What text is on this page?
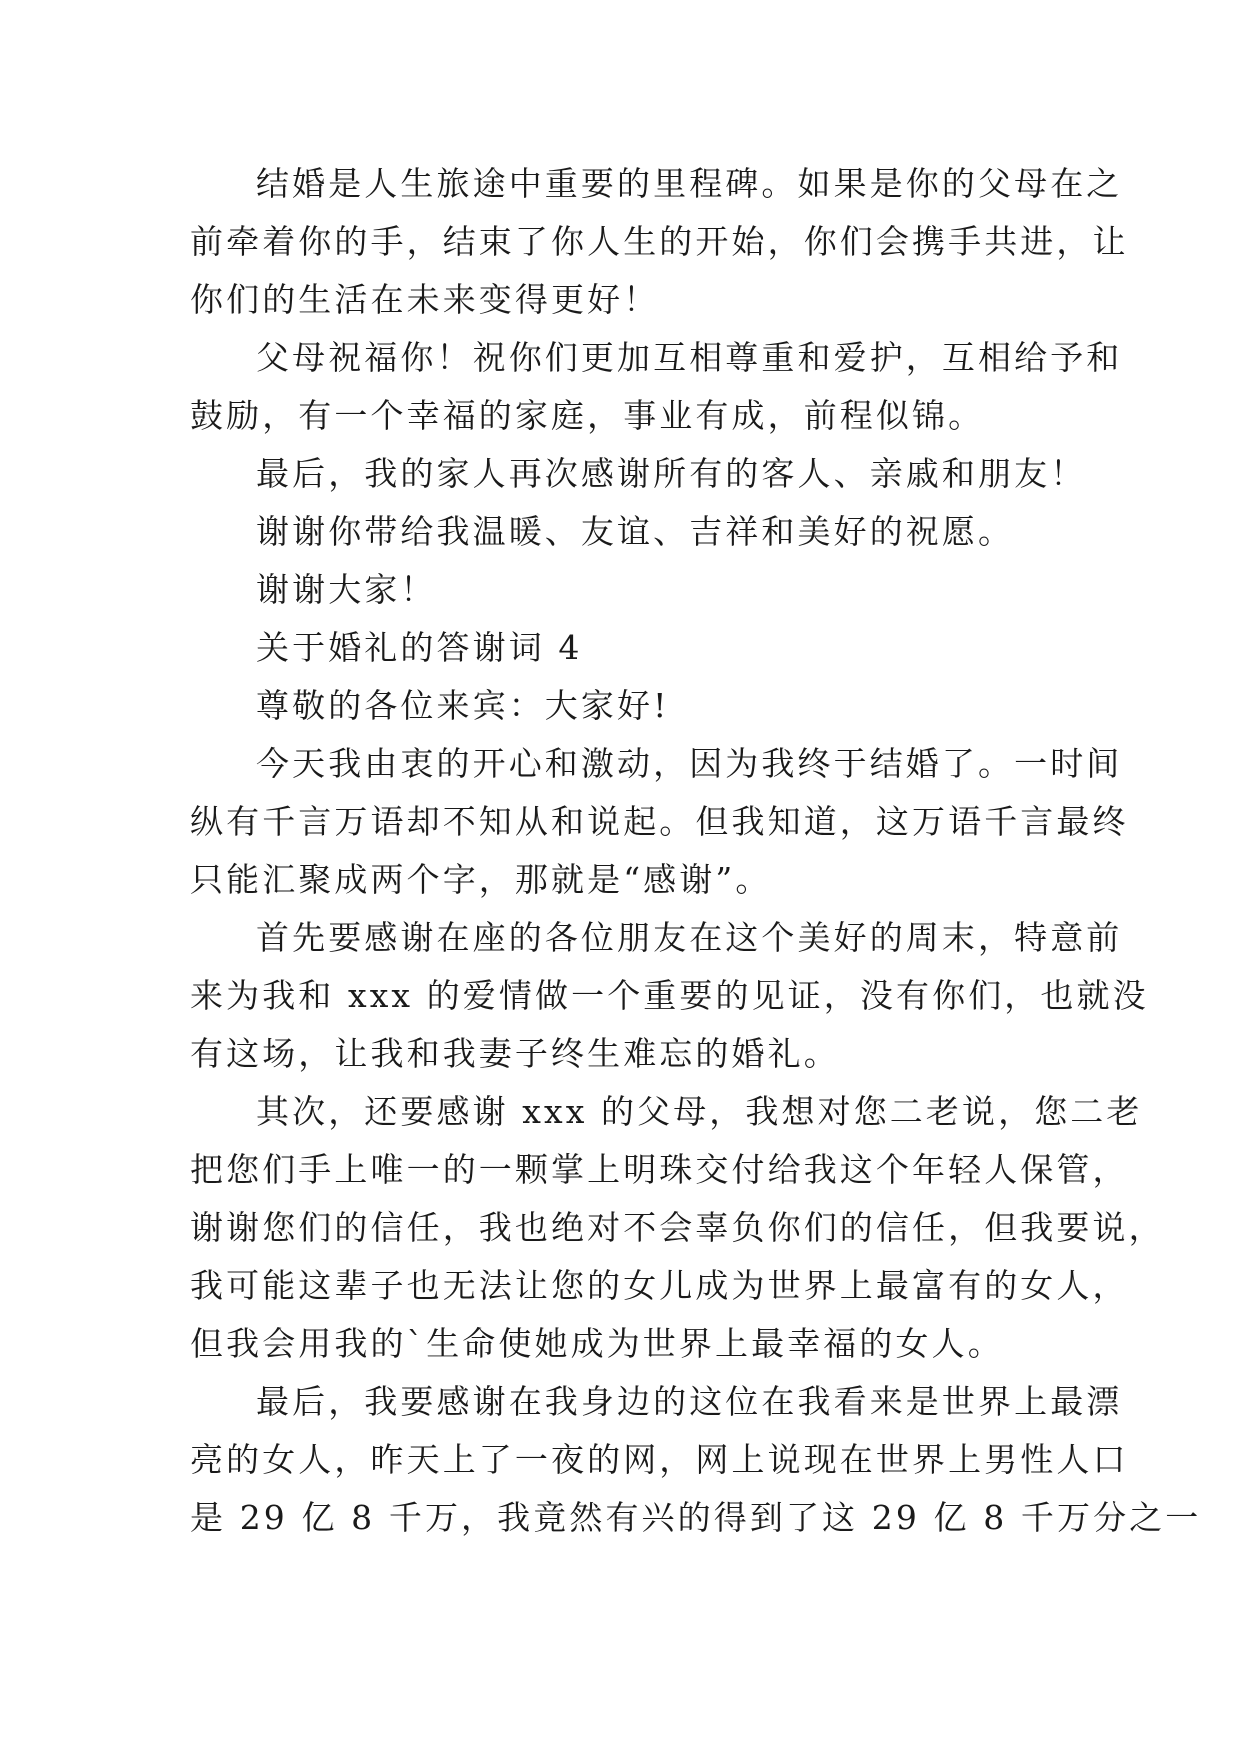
结婚是人生旅途中重要的里程碑。如果是你的父母在之
前牵着你的手，结束了你人生的开始，你们会携手共进，让
你们的生活在未来变得更好！
父母祝福你！祝你们更加互相尊重和爱护，互相给予和
鼓励，有一个幸福的家庭，事业有成，前程似锦。
最后，我的家人再次感谢所有的客人、亲戚和朋友！
谢谢你带给我温暖、友谊、吉祥和美好的祝愿。
谢谢大家！
关于婚礼的答谢词 4
尊敬的各位来宾：大家好!
今天我由衷的开心和激动，因为我终于结婚了。一时间
纵有千言万语却不知从和说起。但我知道，这万语千言最终
只能汇聚成两个字，那就是“感谢”。
首先要感谢在座的各位朋友在这个美好的周末，特意前
来为我和 xxx 的爱情做一个重要的见证，没有你们，也就没
有这场，让我和我妻子终生难忘的婚礼。
其次，还要感谢 xxx 的父母，我想对您二老说，您二老
把您们手上唯一的一颗掌上明珠交付给我这个年轻人保管，
谢谢您们的信任，我也绝对不会辜负你们的信任，但我要说，
我可能这辈子也无法让您的女儿成为世界上最富有的女人，
但我会用我的`生命使她成为世界上最幸福的女人。
最后，我要感谢在我身边的这位在我看来是世界上最漂
亮的女人，昨天上了一夜的网，网上说现在世界上男性人口
是 29 亿 8 千万，我竟然有兴的得到了这 29 亿 8 千万分之一
